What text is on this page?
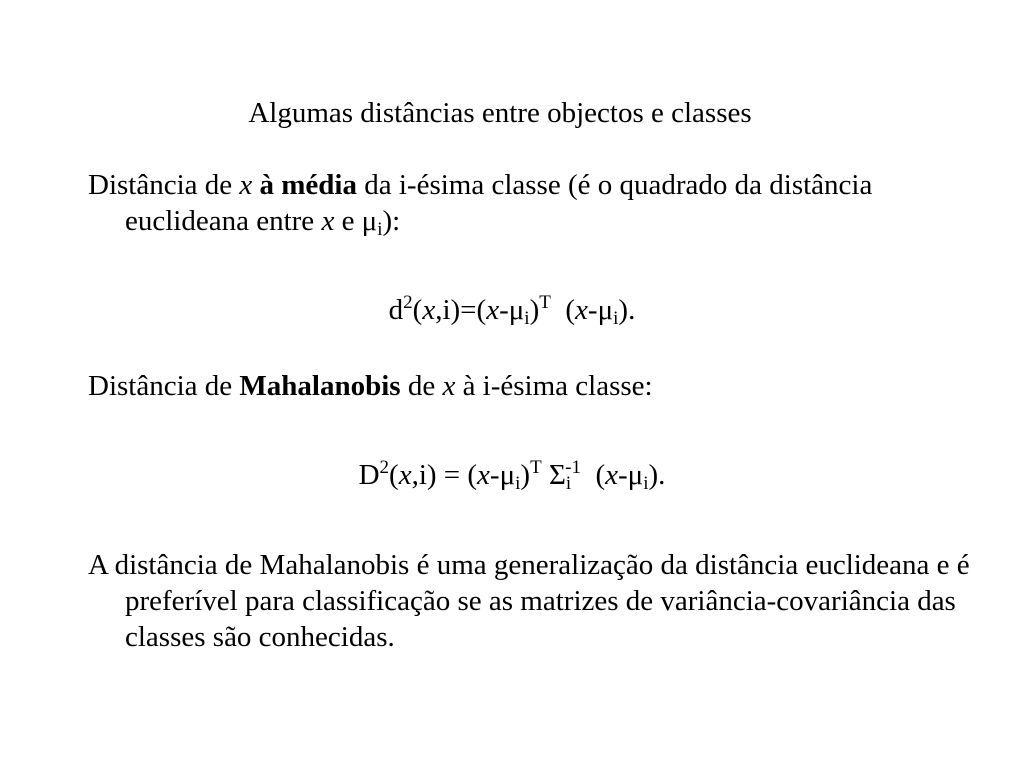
Algumas distâncias entre objectos e classes
Distância de x à média da i-ésima classe (é o quadrado da distância euclideana entre x e $\mu_i$):
$d^2(x,i)=(x-\mu_i)^T$  $(x-\mu_i)$.
Distância de Mahalanobis de x à i-ésima classe:
$D^2(x,i) = (x-\mu_i)^T$ $\Sigma_i^{-1}$  $(x-\mu_i)$.
A distância de Mahalanobis é uma generalização da distância euclideana e é preferível para classificação se as matrizes de variância-covariância das classes são conhecidas.
